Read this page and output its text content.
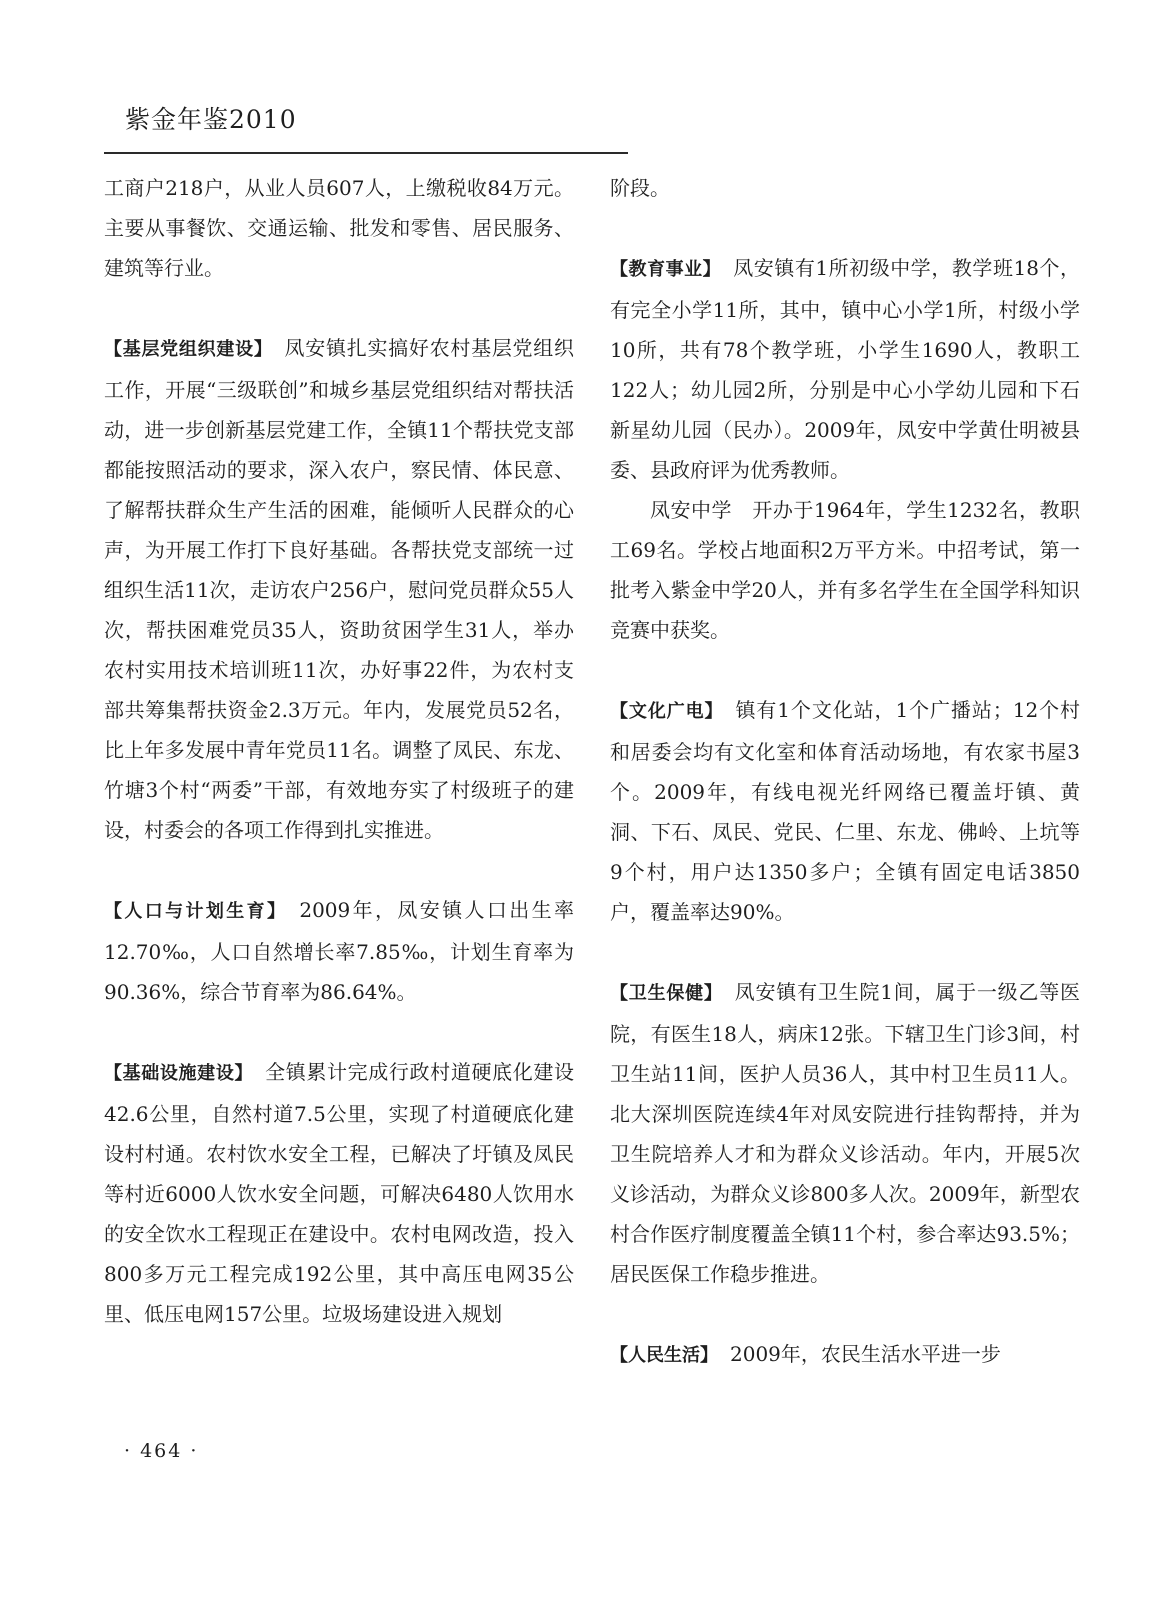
紫金年鉴2010

工商户218户，从业人员607人，上缴税收84万元。主要从事餐饮、交通运输、批发和零售、居民服务、建筑等行业。

【基层党组织建设】 凤安镇扎实搞好农村基层党组织工作，开展“三级联创”和城乡基层党组织结对帮扶活动，进一步创新基层党建工作，全镇11个帮扶党支部都能按照活动的要求，深入农户，察民情、体民意、了解帮扶群众生产生活的困难，能倾听人民群众的心声，为开展工作打下良好基础。各帮扶党支部统一过组织生活11次，走访农户256户，慰问党员群众55人次，帮扶困难党员35人，资助贫困学生31人，举办农村实用技术培训班11次，办好事22件，为农村支部共筹集帮扶资金2.3万元。年内，发展党员52名，比上年多发展中青年党员11名。调整了凤民、东龙、竹塘3个村“两委”干部，有效地夯实了村级班子的建设，村委会的各项工作得到扎实推进。

【人口与计划生育】 2009年，凤安镇人口出生率12.70‰，人口自然增长率7.85‰，计划生育率为90.36%，综合节育率为86.64%。

【基础设施建设】 全镇累计完成行政村道硬底化建设42.6公里，自然村道7.5公里，实现了村道硬底化建设村村通。农村饮水安全工程，已解决了圩镇及凤民等村近6000人饮水安全问题，可解决6480人饮用水的安全饮水工程现正在建设中。农村电网改造，投入800多万元工程完成192公里，其中高压电网35公里、低压电网157公里。垃圾场建设进入规划

阶段。

【教育事业】 凤安镇有1所初级中学，教学班18个，有完全小学11所，其中，镇中心小学1所，村级小学10所，共有78个教学班，小学生1690人，教职工122人；幼儿园2所，分别是中心小学幼儿园和下石新星幼儿园（民办）。2009年，凤安中学黄仕明被县委、县政府评为优秀教师。

凤安中学　开办于1964年，学生1232名，教职工69名。学校占地面积2万平方米。中招考试，第一批考入紫金中学20人，并有多名学生在全国学科知识竞赛中获奖。

【文化广电】 镇有1个文化站，1个广播站；12个村和居委会均有文化室和体育活动场地，有农家书屋3个。2009年，有线电视光纤网络已覆盖圩镇、黄洞、下石、凤民、党民、仁里、东龙、佛岭、上坑等9个村，用户达1350多户；全镇有固定电话3850户，覆盖率达90%。

【卫生保健】 凤安镇有卫生院1间，属于一级乙等医院，有医生18人，病床12张。下辖卫生门诊3间，村卫生站11间，医护人员36人，其中村卫生员11人。北大深圳医院连续4年对凤安院进行挂钩帮持，并为卫生院培养人才和为群众义诊活动。年内，开展5次义诊活动，为群众义诊800多人次。2009年，新型农村合作医疗制度覆盖全镇11个村，参合率达93.5%；居民医保工作稳步推进。

【人民生活】 2009年，农民生活水平进一步

· 464 ·
